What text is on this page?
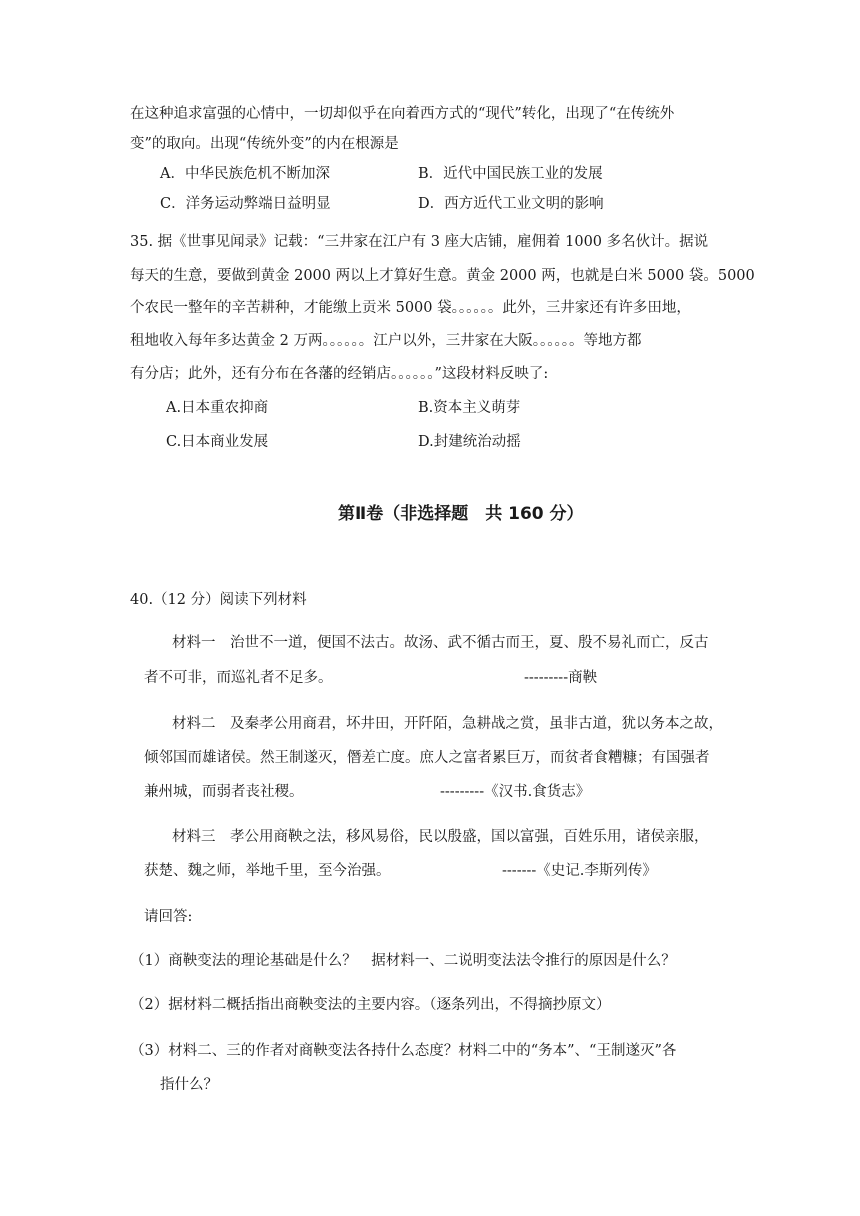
在这种追求富强的心情中，一切却似乎在向着西方式的“现代”转化，出现了“在传统外
变”的取向。出现“传统外变”的内在根源是
A．中华民族危机不断加深	B．近代中国民族工业的发展
C．洋务运动弊端日益明显	D．西方近代工业文明的影响
35. 据《世事见闻录》记载：“三井家在江户有 3 座大店铺，雇佣着 1000 多名伙计。据说
每天的生意，要做到黄金 2000 两以上才算好生意。黄金 2000 两，也就是白米 5000 袋。5000
个农民一整年的辛苦耕种，才能缴上贡米 5000 袋。。。。。。此外，三井家还有许多田地，
租地收入每年多达黄金 2 万两。。。。。。江户以外，三井家在大阪。。。。。。等地方都
有分店；此外，还有分布在各藩的经销店。。。。。。”这段材料反映了:
A.日本重农抑商	B.资本主义萌芽
C.日本商业发展	D.封建统治动摇
第Ⅱ卷（非选择题　共 160 分）
40.（12 分）阅读下列材料
材料一　治世不一道，便国不法古。故汤、武不循古而王，夏、殷不易礼而亡，反古
者不可非，而巡礼者不足多。	---------商鞅
材料二　及秦孝公用商君，坏井田，开阡陌，急耕战之赏，虽非古道，犹以务本之故，
倾邻国而雄诸侯。然王制遂灭，僭差亡度。庶人之富者累巨万，而贫者食糟糠；有国强者
兼州城，而弱者丧社稷。	---------《汉书.食货志》
材料三　孝公用商鞅之法，移风易俗，民以殷盛，国以富强，百姓乐用，诸侯亲服，
获楚、魏之师，举地千里，至今治强。	-------《史记.李斯列传》
请回答:
（1）商鞅变法的理论基础是什么？　据材料一、二说明变法法令推行的原因是什么？
（2）据材料二概括指出商鞅变法的主要内容。（逐条列出，不得摘抄原文）
（3）材料二、三的作者对商鞅变法各持什么态度？材料二中的“务本”、“王制遂灭”各
指什么？
